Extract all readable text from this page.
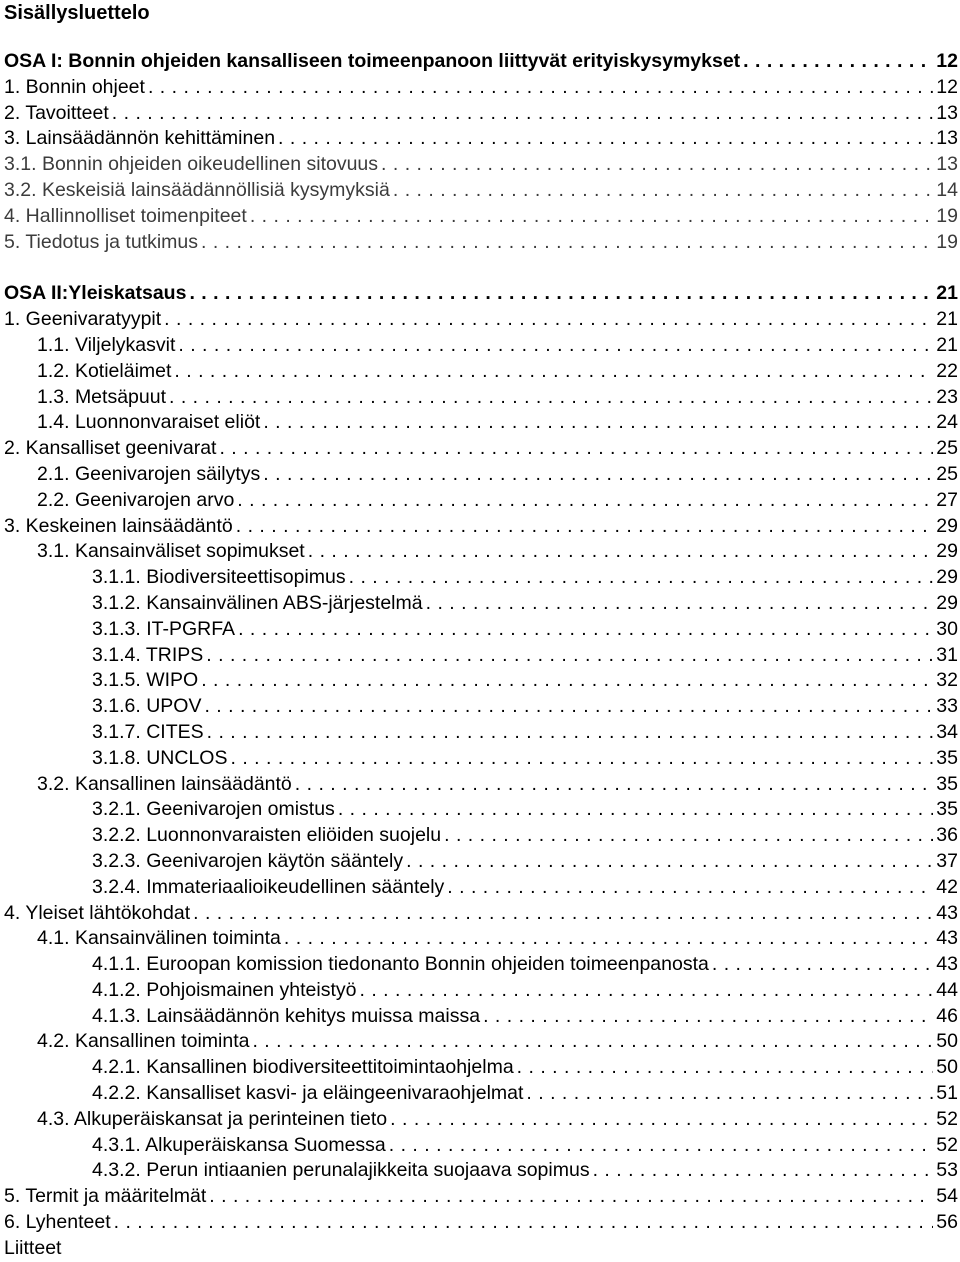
Sisällysluettelo
OSA I: Bonnin ohjeiden kansalliseen toimeenpanoon liittyvät erityiskysymykset . . .	12
1. Bonnin ohjeet . . .	12
2. Tavoitteet . . .	13
3. Lainsäädännön kehittäminen . . .	13
3.1. Bonnin ohjeiden oikeudellinen sitovuus . . .	13
3.2. Keskeisiä lainsäädännöllisiä kysymyksiä . . .	14
4. Hallinnolliset toimenpiteet . . .	19
5. Tiedotus ja tutkimus . . .	19
OSA II:Yleiskatsaus . . .	21
1. Geenivaratyypit . . .	21
1.1. Viljelykasvit . . .	21
1.2. Kotieläimet . . .	22
1.3. Metsäpuut . . .	23
1.4. Luonnonvaraiset eliöt . . .	24
2. Kansalliset geenivarat . . .	25
2.1. Geenivarojen säilytys . . .	25
2.2. Geenivarojen arvo . . .	27
3. Keskeinen lainsäädäntö . . .	29
3.1. Kansainväliset sopimukset . . .	29
3.1.1. Biodiversiteettisopimus . . .	29
3.1.2. Kansainvälinen ABS-järjestelmä . . .	29
3.1.3. IT-PGRFA . . .	30
3.1.4. TRIPS . . .	31
3.1.5. WIPO . . .	32
3.1.6. UPOV . . .	33
3.1.7. CITES . . .	34
3.1.8. UNCLOS . . .	35
3.2. Kansallinen lainsäädäntö . . .	35
3.2.1. Geenivarojen omistus . . .	35
3.2.2. Luonnonvaraisten eliöiden suojelu . . .	36
3.2.3. Geenivarojen käytön sääntely . . .	37
3.2.4. Immateriaalioikeudellinen sääntely . . .	42
4. Yleiset lähtökohdat . . .	43
4.1. Kansainvälinen toiminta . . .	43
4.1.1. Euroopan komission tiedonanto Bonnin ohjeiden toimeenpanosta . . .	43
4.1.2. Pohjoismainen yhteistyö . . .	44
4.1.3. Lainsäädännön kehitys muissa maissa . . .	46
4.2. Kansallinen toiminta . . .	50
4.2.1. Kansallinen biodiversiteettitoimintaohjelma . . .	50
4.2.2. Kansalliset kasvi- ja eläingeenivaraohjelmat . . .	51
4.3. Alkuperäiskansat ja perinteinen tieto . . .	52
4.3.1. Alkuperäiskansa Suomessa . . .	52
4.3.2. Perun intiaanien perunalajikkeita suojaava sopimus . . .	53
5. Termit ja määritelmät . . .	54
6. Lyhenteet . . .	56
Liitteet
